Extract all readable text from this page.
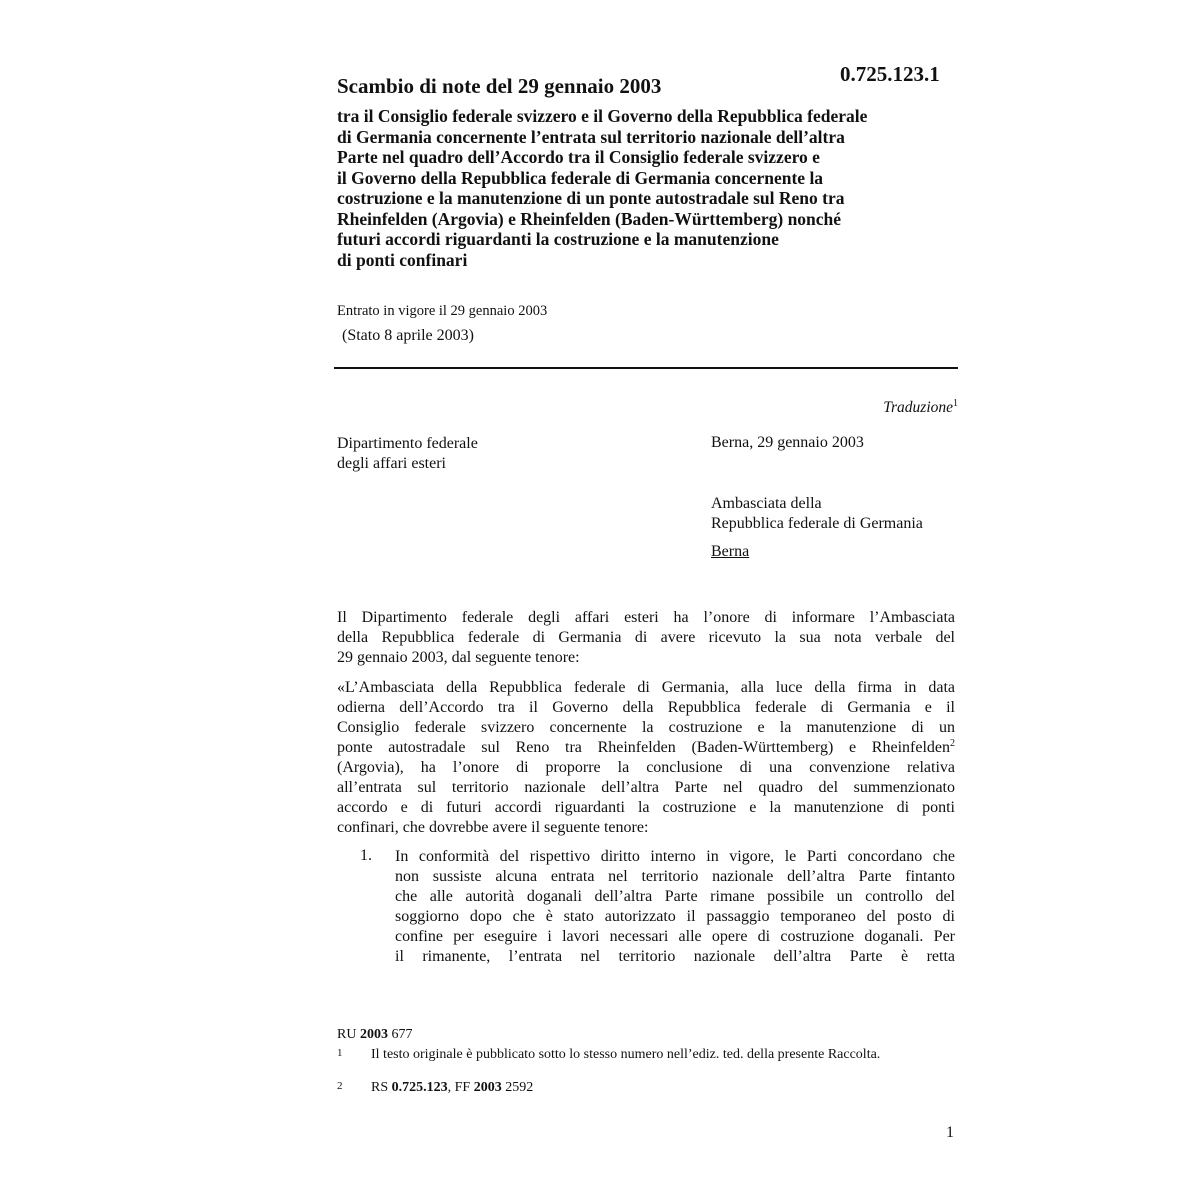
0.725.123.1
Scambio di note del 29 gennaio 2003
tra il Consiglio federale svizzero e il Governo della Repubblica federale
di Germania concernente l’entrata sul territorio nazionale dell’altra
Parte nel quadro dell’Accordo tra il Consiglio federale svizzero e
il Governo della Repubblica federale di Germania concernente la
costruzione e la manutenzione di un ponte autostradale sul Reno tra
Rheinfelden (Argovia) e Rheinfelden (Baden-Württemberg) nonché
futuri accordi riguardanti la costruzione e la manutenzione
di ponti confinari
Entrato in vigore il 29 gennaio 2003
(Stato 8 aprile 2003)
Traduzione$^1$
Dipartimento federale
degli affari esteri
Berna, 29 gennaio 2003
Ambasciata della
Repubblica federale di Germania
Berna
Il Dipartimento federale degli affari esteri ha l’onore di informare l’Ambasciata
della Repubblica federale di Germania di avere ricevuto la sua nota verbale del
29 gennaio 2003, dal seguente tenore:
«L’Ambasciata della Repubblica federale di Germania, alla luce della firma in data
odierna dell’Accordo tra il Governo della Repubblica federale di Germania e il
Consiglio federale svizzero concernente la costruzione e la manutenzione di un
ponte autostradale sul Reno tra Rheinfelden (Baden-Württemberg) e Rheinfelden$^2$
(Argovia), ha l’onore di proporre la conclusione di una convenzione relativa
all’entrata sul territorio nazionale dell’altra Parte nel quadro del summenzionato
accordo e di futuri accordi riguardanti la costruzione e la manutenzione di ponti
confinari, che dovrebbe avere il seguente tenore:
1. In conformità del rispettivo diritto interno in vigore, le Parti concordano che
non sussiste alcuna entrata nel territorio nazionale dell’altra Parte fintanto
che alle autorità doganali dell’altra Parte rimane possibile un controllo del
soggiorno dopo che è stato autorizzato il passaggio temporaneo del posto di
confine per eseguire i lavori necessari alle opere di costruzione doganali. Per
il rimanente, l’entrata nel territorio nazionale dell’altra Parte è retta
RU 2003 677
1 Il testo originale è pubblicato sotto lo stesso numero nell’ediz. ted. della presente Raccolta.
2 RS 0.725.123, FF 2003 2592
1
